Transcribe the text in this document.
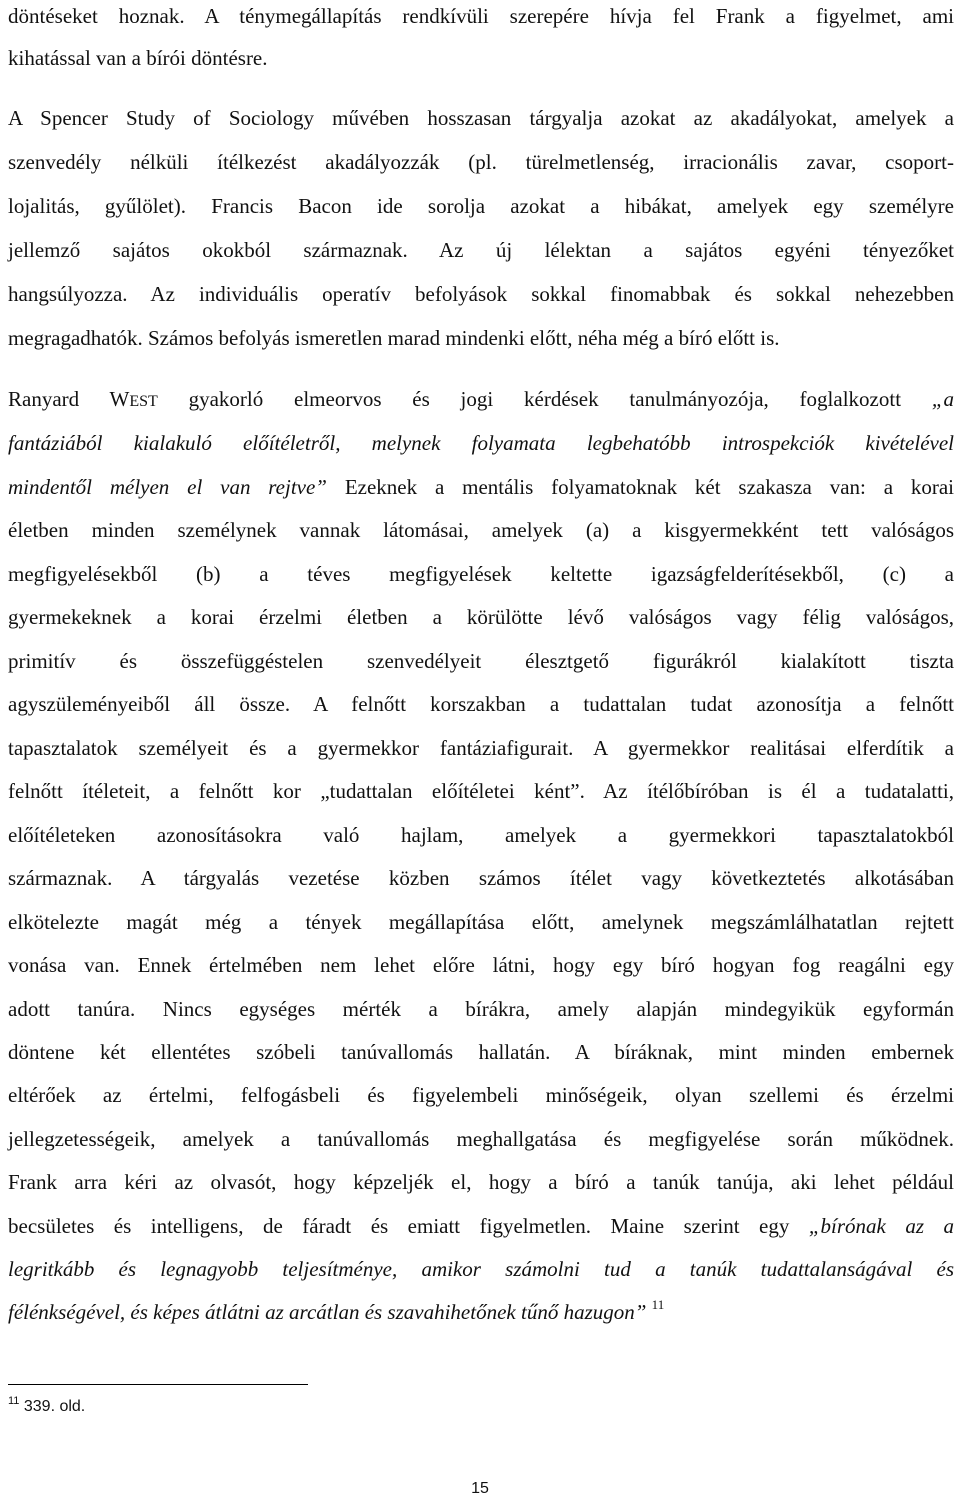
döntéseket hoznak. A ténymegállapítás rendkívüli szerepére hívja fel Frank a figyelmet, ami
kihatással van a bírói döntésre.
A Spencer Study of Sociology művében hosszasan tárgyalja azokat az akadályokat, amelyek a
szenvedély nélküli ítélkezést akadályozzák (pl. türelmetlenség, irracionális zavar, csoport-
lojalitás, gyűlölet). Francis Bacon ide sorolja azokat a hibákat, amelyek egy személyre
jellemző sajátos okokból származnak. Az új lélektan a sajátos egyéni tényezőket
hangsúlyozza. Az individuális operatív befolyások sokkal finomabbak és sokkal nehezebben
megragadhatók. Számos befolyás ismeretlen marad mindenki előtt, néha még a bíró előtt is.
Ranyard WEST gyakorló elmeorvos és jogi kérdések tanulmányozója, foglalkozott „a
fantáziából kialakuló előítéletről, melynek folyamata legbehatóbb introspekciók kivételével
mindentől mélyen el van rejtve” Ezeknek a mentális folyamatoknak két szakasza van: a korai
életben minden személynek vannak látomásai, amelyek (a) a kisgyermekként tett valóságos
megfigyelésekből (b) a téves megfigyelések keltette igazságfelderítésekből, (c) a
gyermekeknek a korai érzelmi életben a körülötte lévő valóságos vagy félig valóságos,
primitív és összefüggéstelen szenvedélyeit élesztgető figurákról kialakított tiszta
agyszüleményeiből áll össze. A felnőtt korszakban a tudattalan tudat azonosítja a felnőtt
tapasztalatok személyeit és a gyermekkor fantáziafigurait. A gyermekkor realitásai elferdítik a
felnőtt ítéleteit, a felnőtt kor „tudattalan előítéletei ként”. Az ítélőbíróban is él a tudatalatti,
előítéleteken azonosításokra való hajlam, amelyek a gyermekkori tapasztalatokból
származnak. A tárgyalás vezetése közben számos ítélet vagy következtetés alkotásában
elkötelezte magát még a tények megállapítása előtt, amelynek megszámlálhatatlan rejtett
vonása van. Ennek értelmében nem lehet előre látni, hogy egy bíró hogyan fog reagálni egy
adott tanúra. Nincs egységes mérték a bírákra, amely alapján mindegyikük egyformán
döntene két ellentétes szóbeli tanúvallomás hallatán. A bíráknak, mint minden embernek
eltérőek az értelmi, felfogásbeli és figyelembeli minőségeik, olyan szellemi és érzelmi
jellegzetességeik, amelyek a tanúvallomás meghallgatása és megfigyelése során működnek.
Frank arra kéri az olvasót, hogy képzeljék el, hogy a bíró a tanúk tanúja, aki lehet például
becsületes és intelligens, de fáradt és emiatt figyelmetlen. Maine szerint egy „bírónak az a
legritkább és legnagyobb teljesítménye, amikor számolni tud a tanúk tudattalanságával és
félénkségével, és képes átlátni az arcátlan és szavahihetőnek tűnő hazugon” $^{11}$
$^{11}$ 339. old.
15
